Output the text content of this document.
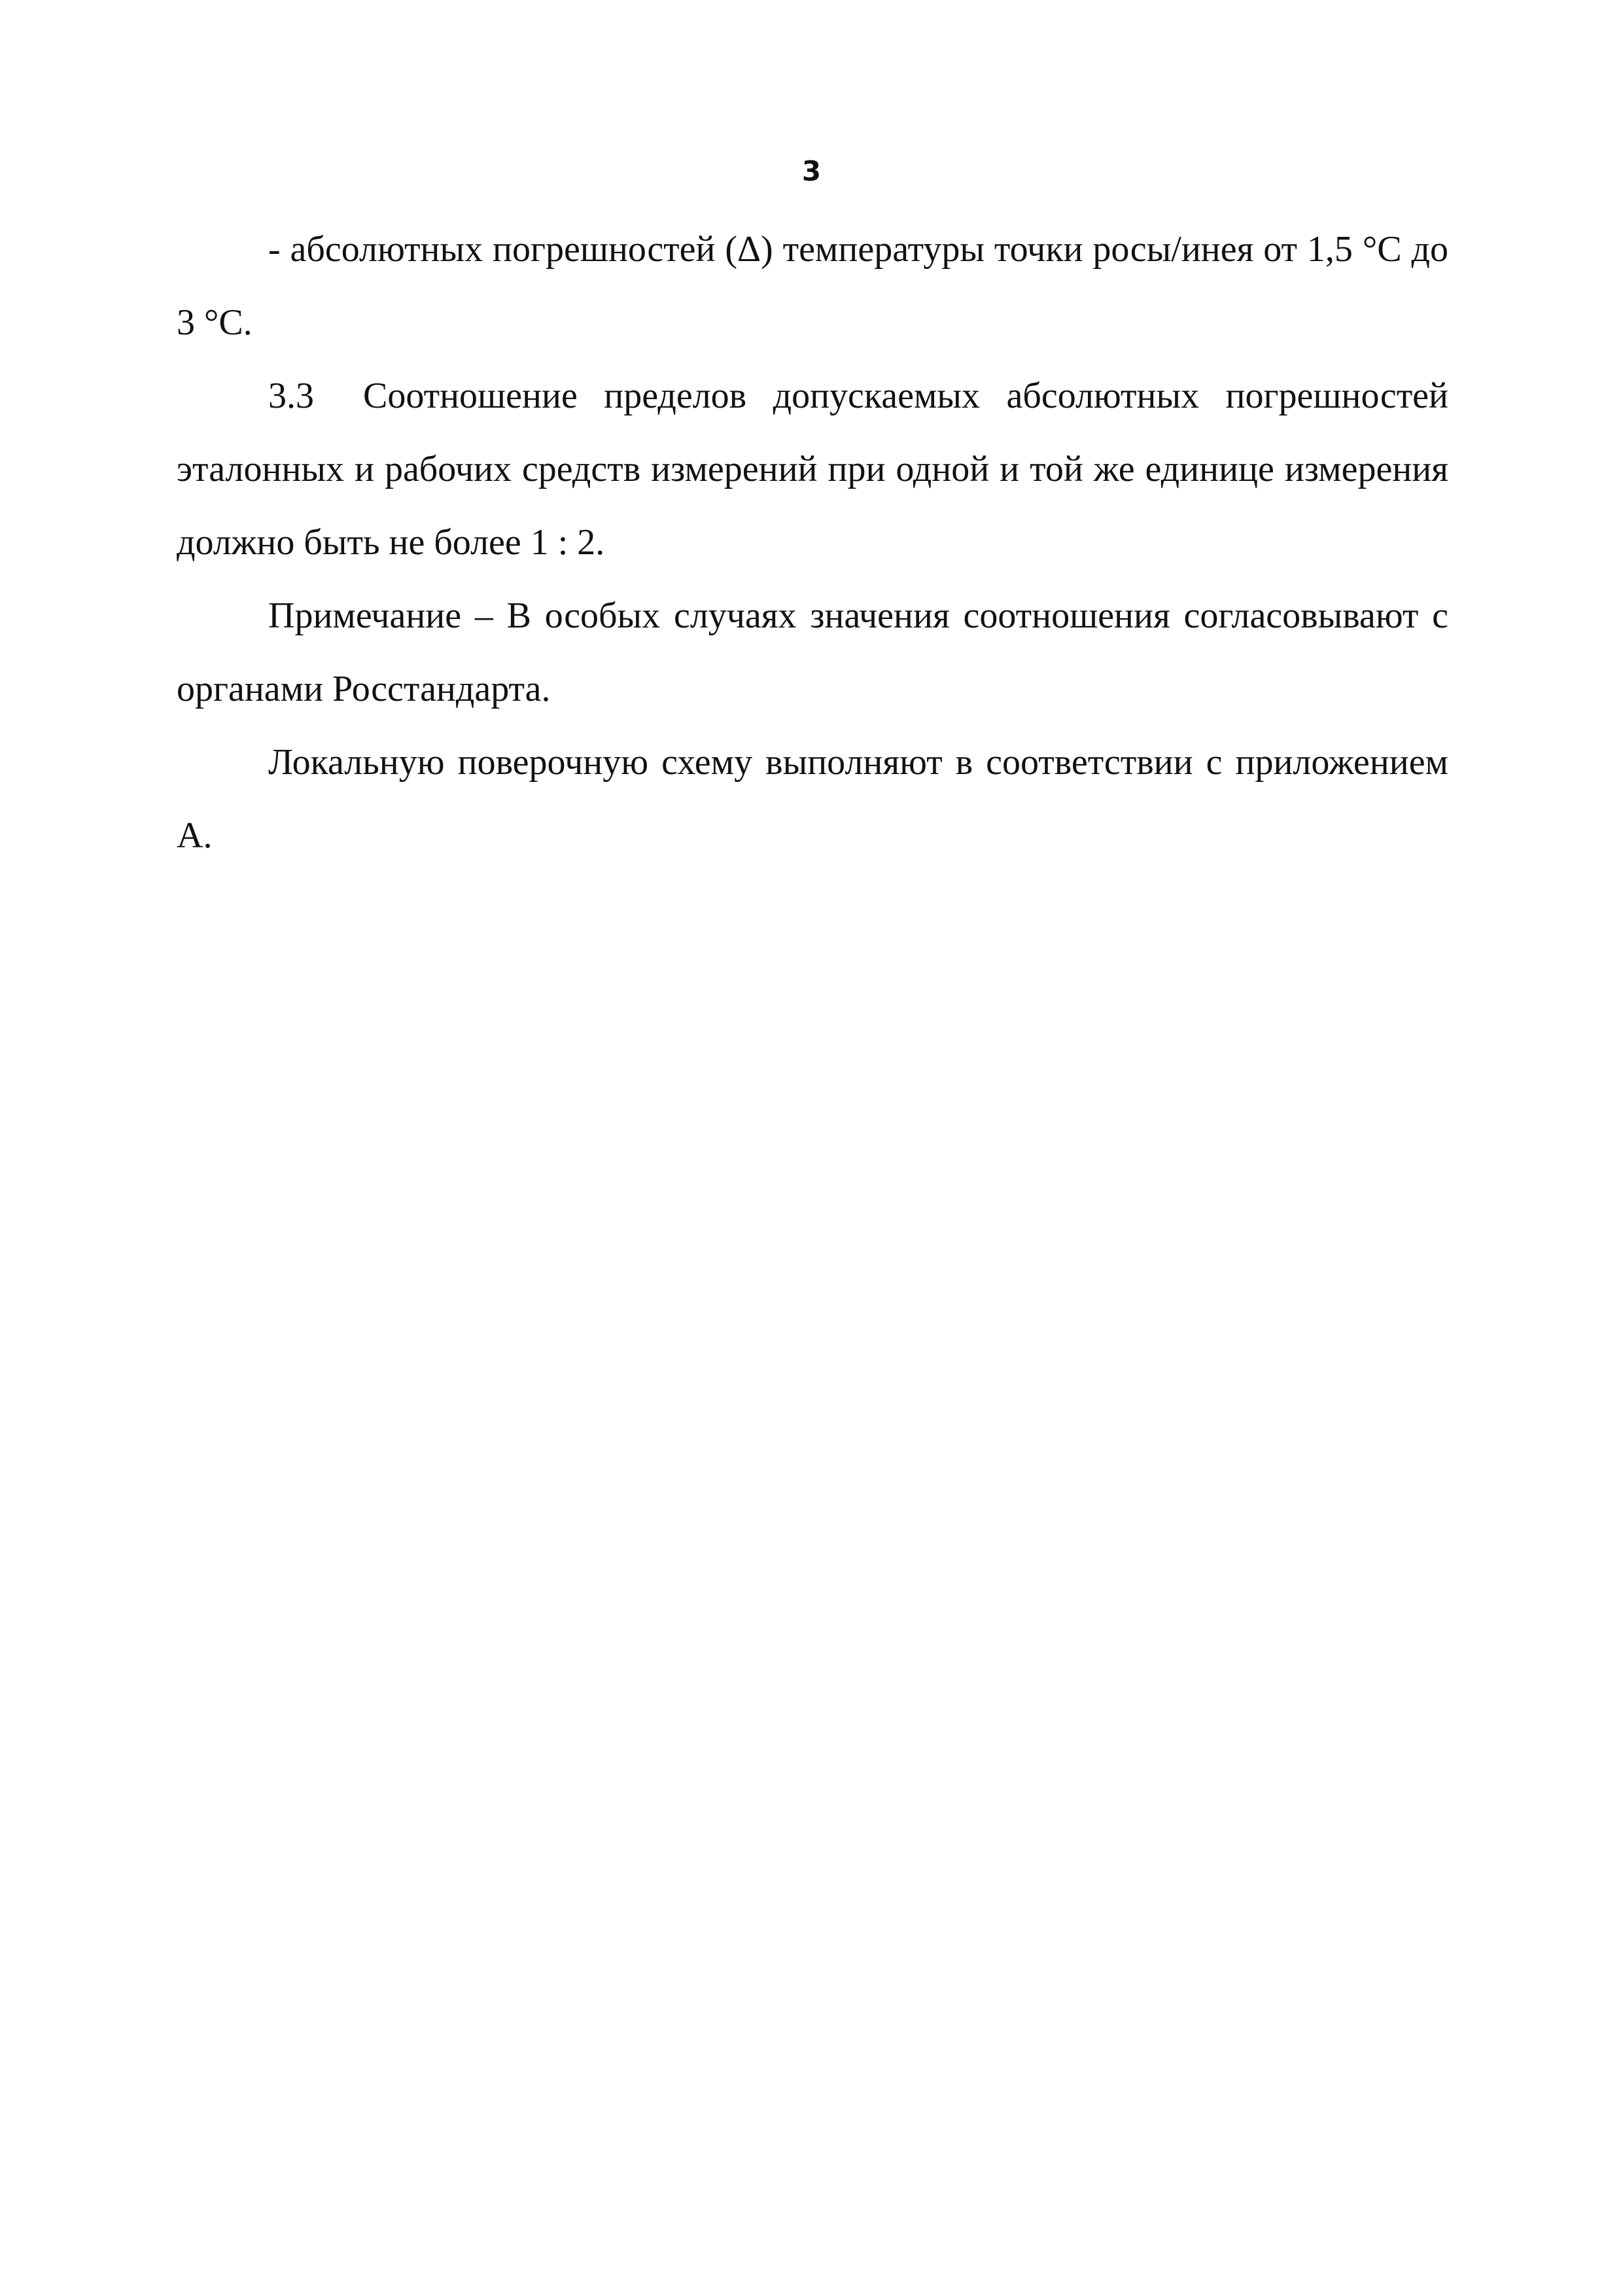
3

- абсолютных погрешностей (Δ) температуры точки росы/инея от 1,5 °С до 3 °С.

3.3 Соотношение пределов допускаемых абсолютных погрешностей эталонных и рабочих средств измерений при одной и той же единице измерения должно быть не более 1 : 2.

Примечание – В особых случаях значения соотношения согласовывают с органами Росстандарта.

Локальную поверочную схему выполняют в соответствии с приложением А.
